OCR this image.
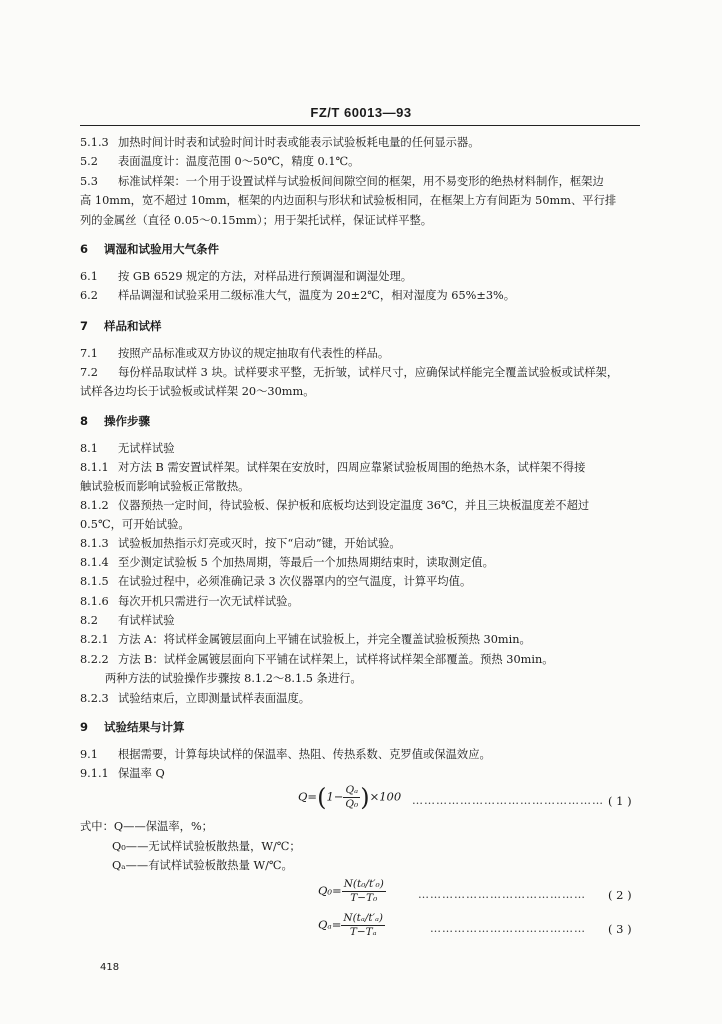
FZ/T 60013—93
5.1.3 加热时间计时表和试验时间计时表或能表示试验板耗电量的任何显示器。
5.2 表面温度计：温度范围 0～50℃，精度 0.1℃。
5.3 标准试样架：一个用于设置试样与试验板间间隙空间的框架，用不易变形的绝热材料制作，框架边
高 10mm，宽不超过 10mm，框架的内边面积与形状和试验板相同，在框架上方有间距为 50mm、平行排
列的金属丝（直径 0.05～0.15mm）；用于架托试样，保证试样平整。
6 调湿和试验用大气条件
6.1 按 GB 6529 规定的方法，对样品进行预调湿和调湿处理。
6.2 样品调湿和试验采用二级标准大气，温度为 20±2℃，相对湿度为 65%±3%。
7 样品和试样
7.1 按照产品标准或双方协议的规定抽取有代表性的样品。
7.2 每份样品取试样 3 块。试样要求平整，无折皱，试样尺寸，应确保试样能完全覆盖试验板或试样架，
试样各边均长于试验板或试样架 20～30mm。
8 操作步骤
8.1 无试样试验
8.1.1 对方法 B 需安置试样架。试样架在安放时，四周应靠紧试验板周围的绝热木条，试样架不得接
触试验板而影响试验板正常散热。
8.1.2 仪器预热一定时间，待试验板、保护板和底板均达到设定温度 36℃，并且三块板温度差不超过
0.5℃，可开始试验。
8.1.3 试验板加热指示灯亮或灭时，按下“启动”键，开始试验。
8.1.4 至少测定试验板 5 个加热周期，等最后一个加热周期结束时，读取测定值。
8.1.5 在试验过程中，必须准确记录 3 次仪器罩内的空气温度，计算平均值。
8.1.6 每次开机只需进行一次无试样试验。
8.2 有试样试验
8.2.1 方法 A：将试样金属镀层面向上平铺在试验板上，并完全覆盖试验板预热 30min。
8.2.2 方法 B：试样金属镀层面向下平铺在试样架上，试样将试样架全部覆盖。预热 30min。
两种方法的试验操作步骤按 8.1.2～8.1.5 条进行。
8.2.3 试验结束后，立即测量试样表面温度。
9 试验结果与计算
9.1 根据需要，计算每块试样的保温率、热阻、传热系数、克罗值或保温效应。
9.1.1 保温率 Q
$Q=(1- \frac{\text{Qₐ}}{\text{Q₀}} )\times 100$ ………………………………………… ( 1 )
式中：Q——保温率，%；
Q₀——无试样试验板散热量，W/℃；
Qₐ——有试样试验板散热量 W/℃。
$Q_0= \frac{\text{N(t₀/t′₀)}}{\text{T−T₀}}$	…………………………………… ( 2 )
$Q_a= \frac{\text{N(tₐ/t′ₐ)}}{\text{T−Tₐ}}$	………………………………… ( 3 )
418
